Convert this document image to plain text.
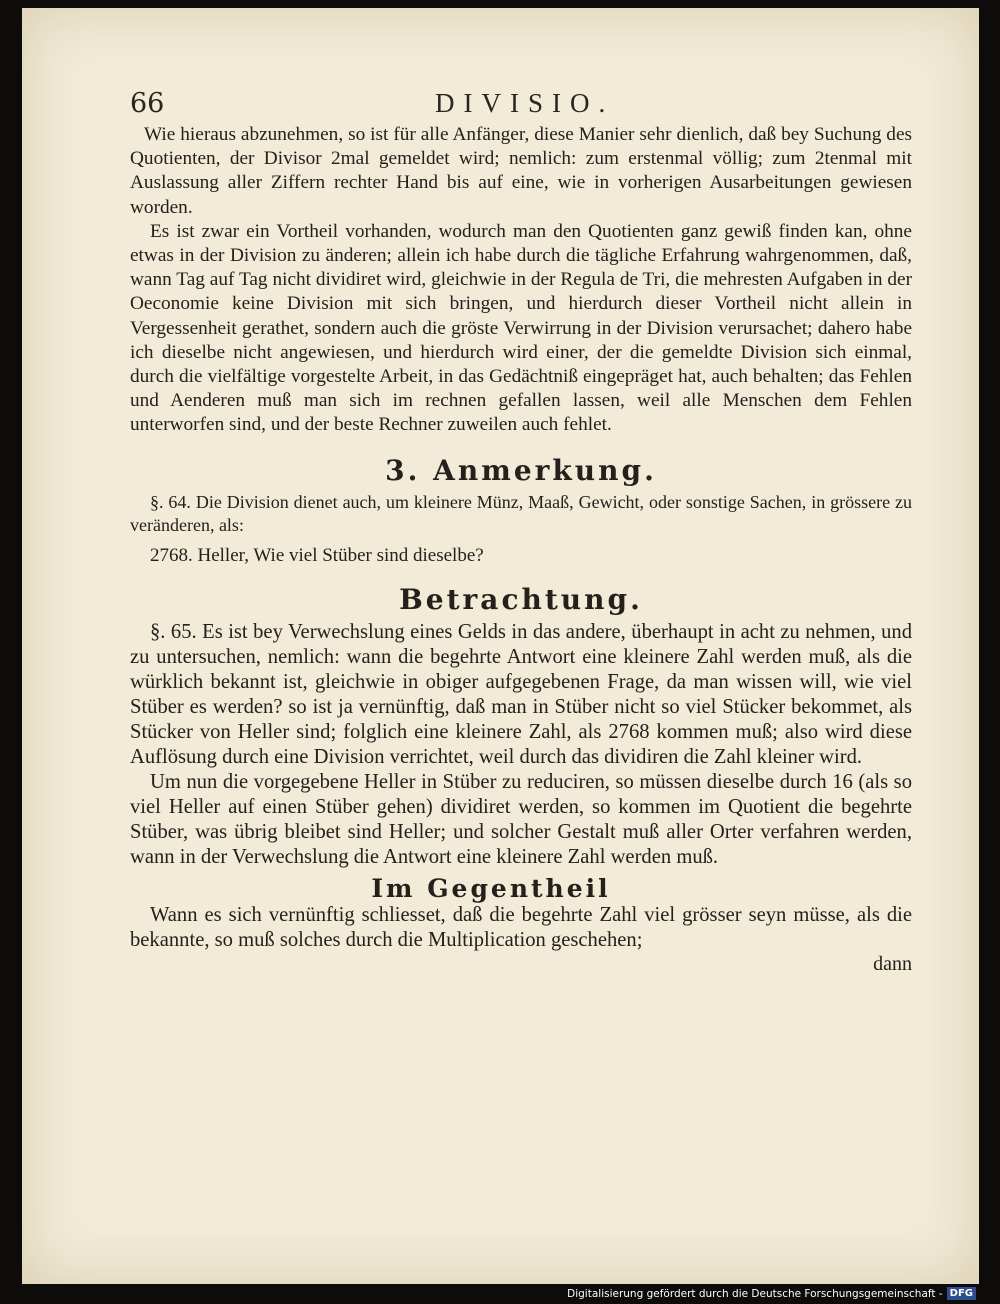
66	DIVISIO.

Wie hieraus abzunehmen, so ist für alle Anfänger, diese Manier sehr dienlich, daß bey Suchung des Quotienten, der Divisor 2mal gemeldet wird; nemlich: zum erstenmal völlig; zum 2tenmal mit Auslassung aller Ziffern rechter Hand bis auf eine, wie in vorherigen Ausarbeitungen gewiesen worden.

Es ist zwar ein Vortheil vorhanden, wodurch man den Quotienten ganz gewiß finden kan, ohne etwas in der Division zu änderen; allein ich habe durch die tägliche Erfahrung wahrgenommen, daß, wann Tag auf Tag nicht dividiret wird, gleichwie in der Regula de Tri, die mehresten Aufgaben in der Oeconomie keine Division mit sich bringen, und hierdurch dieser Vortheil nicht allein in Vergessenheit gerathet, sondern auch die gröste Verwirrung in der Division verursachet; dahero habe ich dieselbe nicht angewiesen, und hierdurch wird einer, der die gemeldte Division sich einmal, durch die vielfältige vorgestelte Arbeit, in das Gedächtniß eingepräget hat, auch behalten; das Fehlen und Aenderen muß man sich im rechnen gefallen lassen, weil alle Menschen dem Fehlen unterworfen sind, und der beste Rechner zuweilen auch fehlet.

3. Anmerkung.

§. 64. Die Division dienet auch, um kleinere Münz, Maaß, Gewicht, oder sonstige Sachen, in grössere zu veränderen, als:

2768. Heller, Wie viel Stüber sind dieselbe?

Betrachtung.

§. 65. Es ist bey Verwechslung eines Gelds in das andere, überhaupt in acht zu nehmen, und zu untersuchen, nemlich: wann die begehrte Antwort eine kleinere Zahl werden muß, als die würklich bekannt ist, gleichwie in obiger aufgegebenen Frage, da man wissen will, wie viel Stüber es werden? so ist ja vernünftig, daß man in Stüber nicht so viel Stücker bekommet, als Stücker von Heller sind; folglich eine kleinere Zahl, als 2768 kommen muß; also wird diese Auflösung durch eine Division verrichtet, weil durch das dividiren die Zahl kleiner wird.

Um nun die vorgegebene Heller in Stüber zu reduciren, so müssen dieselbe durch 16 (als so viel Heller auf einen Stüber gehen) dividiret werden, so kommen im Quotient die begehrte Stüber, was übrig bleibet sind Heller; und solcher Gestalt muß aller Orter verfahren werden, wann in der Verwechslung die Antwort eine kleinere Zahl werden muß.

Im Gegentheil

Wann es sich vernünftig schliesset, daß die begehrte Zahl viel grösser seyn müsse, als die bekannte, so muß solches durch die Multiplication geschehen;

dann
Digitalisierung gefördert durch die Deutsche Forschungsgemeinschaft - DFG
